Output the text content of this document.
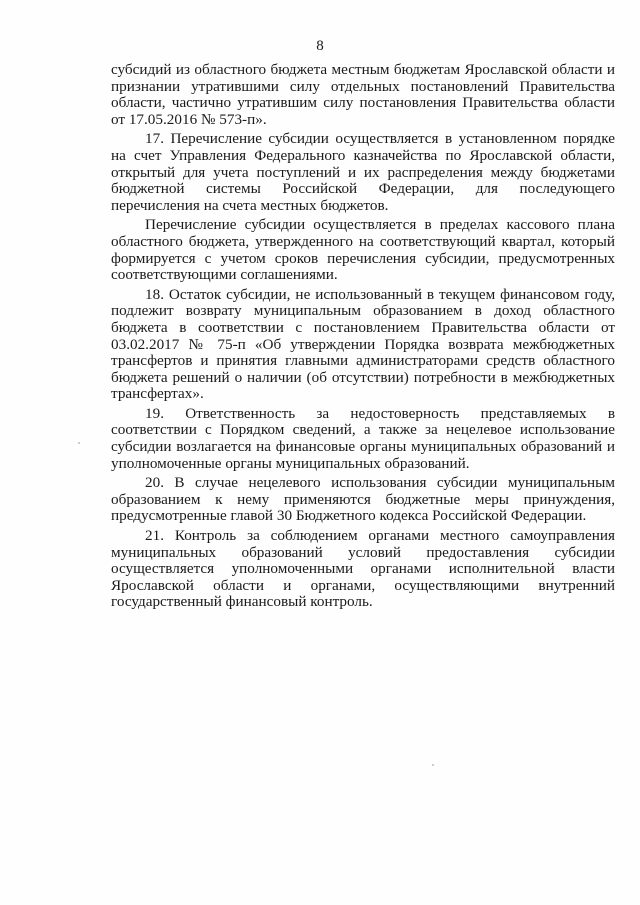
8

субсидий из областного бюджета местным бюджетам Ярославской области и признании утратившими силу отдельных постановлений Правительства области, частично утратившим силу постановления Правительства области от 17.05.2016 № 573-п».

17. Перечисление субсидии осуществляется в установленном порядке на счет Управления Федерального казначейства по Ярославской области, открытый для учета поступлений и их распределения между бюджетами бюджетной системы Российской Федерации, для последующего перечисления на счета местных бюджетов.

Перечисление субсидии осуществляется в пределах кассового плана областного бюджета, утвержденного на соответствующий квартал, который формируется с учетом сроков перечисления субсидии, предусмотренных соответствующими соглашениями.

18. Остаток субсидии, не использованный в текущем финансовом году, подлежит возврату муниципальным образованием в доход областного бюджета в соответствии с постановлением Правительства области от 03.02.2017 № 75-п «Об утверждении Порядка возврата межбюджетных трансфертов и принятия главными администраторами средств областного бюджета решений о наличии (об отсутствии) потребности в межбюджетных трансфертах».

19. Ответственность за недостоверность представляемых в соответствии с Порядком сведений, а также за нецелевое использование субсидии возлагается на финансовые органы муниципальных образований и уполномоченные органы муниципальных образований.

20. В случае нецелевого использования субсидии муниципальным образованием к нему применяются бюджетные меры принуждения, предусмотренные главой 30 Бюджетного кодекса Российской Федерации.

21. Контроль за соблюдением органами местного самоуправления муниципальных образований условий предоставления субсидии осуществляется уполномоченными органами исполнительной власти Ярославской области и органами, осуществляющими внутренний государственный финансовый контроль.
